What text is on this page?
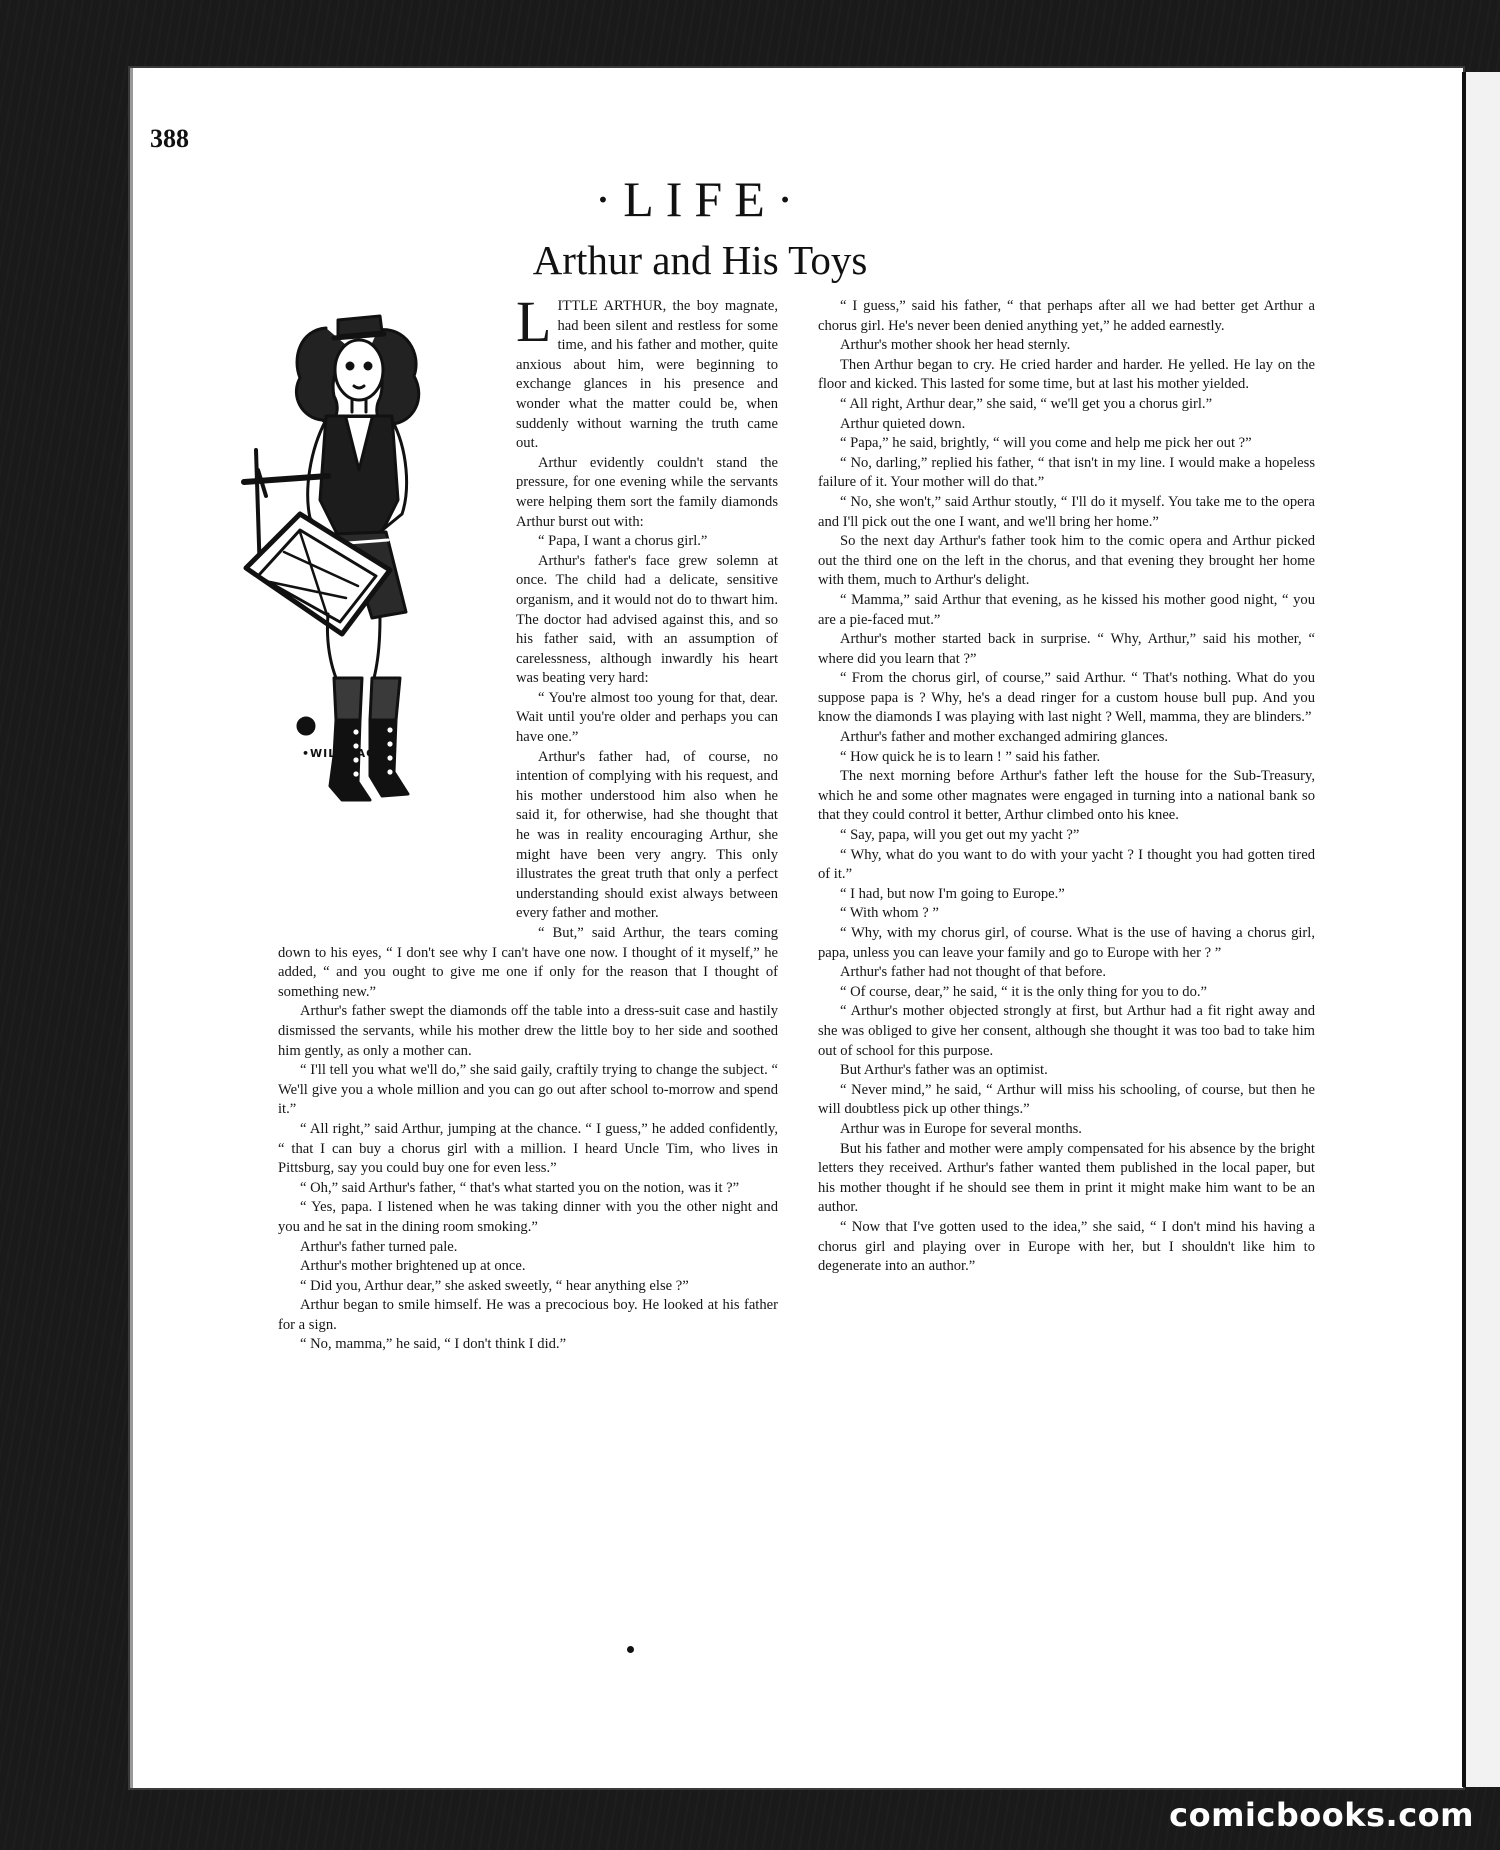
388
·LIFE·
Arthur and His Toys
•WILDHACK•

LITTLE ARTHUR, the boy magnate, had been silent and restless for some time, and his father and mother, quite anxious about him, were beginning to exchange glances in his presence and wonder what the matter could be, when suddenly without warning the truth came out.

Arthur evidently couldn't stand the pressure, for one evening while the servants were helping them sort the family diamonds Arthur burst out with:

“ Papa, I want a chorus girl.”

Arthur's father's face grew solemn at once. The child had a delicate, sensitive organism, and it would not do to thwart him. The doctor had advised against this, and so his father said, with an assumption of carelessness, although inwardly his heart was beating very hard:

“ You're almost too young for that, dear. Wait until you're older and perhaps you can have one.”

Arthur's father had, of course, no intention of complying with his request, and his mother understood him also when he said it, for otherwise, had she thought that he was in reality encouraging Arthur, she might have been very angry. This only illustrates the great truth that only a perfect understanding should exist always between every father and mother.

“ But,” said Arthur, the tears coming down to his eyes, “ I don't see why I can't have one now. I thought of it myself,” he added, “ and you ought to give me one if only for the reason that I thought of something new.”

Arthur's father swept the diamonds off the table into a dress-suit case and hastily dismissed the servants, while his mother drew the little boy to her side and soothed him gently, as only a mother can.

“ I'll tell you what we'll do,” she said gaily, craftily trying to change the subject. “ We'll give you a whole million and you can go out after school to-morrow and spend it.”

“ All right,” said Arthur, jumping at the chance. “ I guess,” he added confidently, “ that I can buy a chorus girl with a million. I heard Uncle Tim, who lives in Pittsburg, say you could buy one for even less.”

“ Oh,” said Arthur's father, “ that's what started you on the notion, was it ?”

“ Yes, papa. I listened when he was taking dinner with you the other night and you and he sat in the dining room smoking.”

Arthur's father turned pale.

Arthur's mother brightened up at once.

“ Did you, Arthur dear,” she asked sweetly, “ hear anything else ?”

Arthur began to smile himself. He was a precocious boy. He looked at his father for a sign.

“ No, mamma,” he said, “ I don't think I did.”

“ I guess,” said his father, “ that perhaps after all we had better get Arthur a chorus girl. He's never been denied anything yet,” he added earnestly.

Arthur's mother shook her head sternly.

Then Arthur began to cry. He cried harder and harder. He yelled. He lay on the floor and kicked. This lasted for some time, but at last his mother yielded.

“ All right, Arthur dear,” she said, “ we'll get you a chorus girl.”

Arthur quieted down.

“ Papa,” he said, brightly, “ will you come and help me pick her out ?”

“ No, darling,” replied his father, “ that isn't in my line. I would make a hopeless failure of it. Your mother will do that.”

“ No, she won't,” said Arthur stoutly, “ I'll do it myself. You take me to the opera and I'll pick out the one I want, and we'll bring her home.”

So the next day Arthur's father took him to the comic opera and Arthur picked out the third one on the left in the chorus, and that evening they brought her home with them, much to Arthur's delight.

“ Mamma,” said Arthur that evening, as he kissed his mother good night, “ you are a pie-faced mut.”

Arthur's mother started back in surprise. “ Why, Arthur,” said his mother, “ where did you learn that ?”

“ From the chorus girl, of course,” said Arthur. “ That's nothing. What do you suppose papa is ? Why, he's a dead ringer for a custom house bull pup. And you know the diamonds I was playing with last night ? Well, mamma, they are blinders.”

Arthur's father and mother exchanged admiring glances.

“ How quick he is to learn ! ” said his father.

The next morning before Arthur's father left the house for the Sub-Treasury, which he and some other magnates were engaged in turning into a national bank so that they could control it better, Arthur climbed onto his knee.

“ Say, papa, will you get out my yacht ?”

“ Why, what do you want to do with your yacht ? I thought you had gotten tired of it.”

“ I had, but now I'm going to Europe.”

“ With whom ? ”

“ Why, with my chorus girl, of course. What is the use of having a chorus girl, papa, unless you can leave your family and go to Europe with her ? ”

Arthur's father had not thought of that before.

“ Of course, dear,” he said, “ it is the only thing for you to do.”

“ Arthur's mother objected strongly at first, but Arthur had a fit right away and she was obliged to give her consent, although she thought it was too bad to take him out of school for this purpose.

But Arthur's father was an optimist.

“ Never mind,” he said, “ Arthur will miss his schooling, of course, but then he will doubtless pick up other things.”

Arthur was in Europe for several months.

But his father and mother were amply compensated for his absence by the bright letters they received. Arthur's father wanted them published in the local paper, but his mother thought if he should see them in print it might make him want to be an author.

“ Now that I've gotten used to the idea,” she said, “ I don't mind his having a chorus girl and playing over in Europe with her, but I shouldn't like him to degenerate into an author.”

comicbooks.com
